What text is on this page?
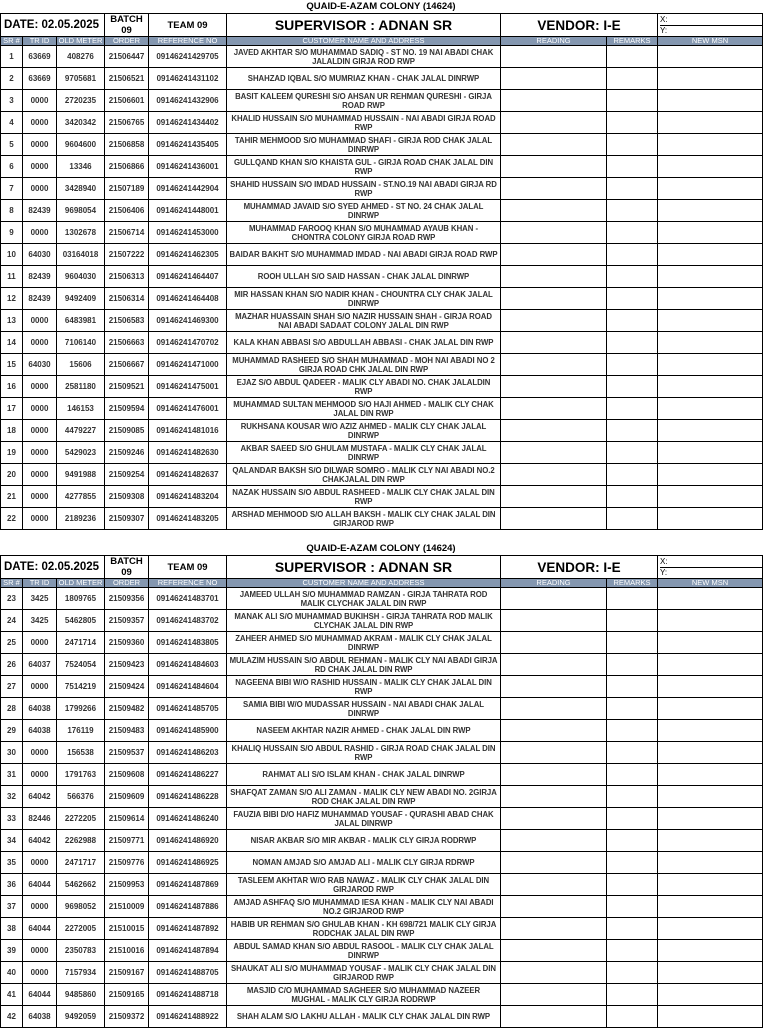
QUAID-E-AZAM COLONY (14624)
DATE: 02.05.2025			BATCH 09	TEAM 09	SUPERVISOR : ADNAN SR	VENDOR: I-E		X:
Y:

SR #	TR ID	OLD METER	ORDER	REFERENCE NO	CUSTOMER NAME AND ADDRESS	READING	REMARKS	NEW MSN
1	63669	408276	21506447	09146241429705	JAVED AKHTAR S/O MUHAMMAD SADIQ - ST NO. 19 NAI ABADI CHAK JALALDIN GIRJA ROD RWP			
2	63669	9705681	21506521	09146241431102	SHAHZAD IQBAL S/O MUMRIAZ KHAN - CHAK JALAL DINRWP			
3	0000	2720235	21506601	09146241432906	BASIT KALEEM QURESHI S/O AHSAN UR REHMAN QURESHI - GIRJA ROAD RWP			
4	0000	3420342	21506765	09146241434402	KHALID HUSSAIN S/O MUHAMMAD HUSSAIN - NAI ABADI GIRJA ROAD RWP			
5	0000	9604600	21506858	09146241435405	TAHIR MEHMOOD S/O MUHAMMAD SHAFI - GIRJA ROD CHAK JALAL DINRWP			
6	0000	13346	21506866	09146241436001	GULLQAND KHAN S/O KHAISTA GUL - GIRJA ROAD CHAK JALAL DIN RWP			
7	0000	3428940	21507189	09146241442904	SHAHID HUSSAIN S/O IMDAD HUSSAIN - ST.NO.19 NAI ABADI GIRJA RD RWP			
8	82439	9698054	21506406	09146241448001	MUHAMMAD JAVAID S/O SYED AHMED - ST NO. 24 CHAK JALAL DINRWP			
9	0000	1302678	21506714	09146241453000	MUHAMMAD FAROOQ KHAN S/O MUHAMMAD AYAUB KHAN - CHONTRA COLONY GIRJA ROAD RWP			
10	64030	03164018	21507222	09146241462305	BAIDAR BAKHT S/O MUHAMMAD IMDAD - NAI ABADI GIRJA ROAD RWP			
11	82439	9604030	21506313	09146241464407	ROOH ULLAH S/O SAID HASSAN - CHAK JALAL DINRWP			
12	82439	9492409	21506314	09146241464408	MIR HASSAN KHAN S/O NADIR KHAN - CHOUNTRA CLY CHAK JALAL DINRWP			
13	0000	6483981	21506583	09146241469300	MAZHAR HUASSAIN SHAH S/O NAZIR HUSSAIN SHAH - GIRJA ROAD NAI ABADI SADAAT COLONY JALAL DIN RWP			
14	0000	7106140	21506663	09146241470702	KALA KHAN ABBASI S/O ABDULLAH ABBASI - CHAK JALAL DIN RWP			
15	64030	15606	21506667	09146241471000	MUHAMMAD RASHEED S/O SHAH MUHAMMAD - MOH NAI ABADI NO 2 GIRJA ROAD CHK JALAL DIN RWP			
16	0000	2581180	21509521	09146241475001	EJAZ S/O ABDUL QADEER - MALIK CLY ABADI NO. CHAK JALALDIN RWP			
17	0000	146153	21509594	09146241476001	MUHAMMAD SULTAN MEHMOOD S/O HAJI AHMED - MALIK CLY CHAK JALAL DIN RWP			
18	0000	4479227	21509085	09146241481016	RUKHSANA KOUSAR W/O AZIZ AHMED - MALIK CLY CHAK JALAL DINRWP			
19	0000	5429023	21509246	09146241482630	AKBAR SAEED S/O GHULAM MUSTAFA - MALIK CLY CHAK JALAL DINRWP			
20	0000	9491988	21509254	09146241482637	QALANDAR BAKSH S/O DILWAR SOMRO - MALIK CLY NAI ABADI NO.2 CHAKJALAL DIN RWP			
21	0000	4277855	21509308	09146241483204	NAZAK HUSSAIN S/O ABDUL RASHEED - MALIK CLY CHAK JALAL DIN RWP			
22	0000	2189236	21509307	09146241483205	ARSHAD MEHMOOD S/O ALLAH BAKSH - MALIK CLY CHAK JALAL DIN GIRJAROD RWP			
QUAID-E-AZAM COLONY (14624)
DATE: 02.05.2025			BATCH 09	TEAM 09	SUPERVISOR : ADNAN SR	VENDOR: I-E		X:
Y:

SR #	TR ID	OLD METER	ORDER	REFERENCE NO	CUSTOMER NAME AND ADDRESS	READING	REMARKS	NEW MSN
23	3425	1809765	21509356	09146241483701	JAMEED ULLAH S/O MUHAMMAD RAMZAN - GIRJA TAHRATA ROD MALIK CLYCHAK JALAL DIN RWP			
24	3425	5462805	21509357	09146241483702	MANAK ALI S/O MUHAMMAD BUKIHSH - GIRJA TAHRATA ROD MALIK CLYCHAK JALAL DIN RWP			
25	0000	2471714	21509360	09146241483805	ZAHEER AHMED S/O MUHAMMAD AKRAM - MALIK CLY CHAK JALAL DINRWP			
26	64037	7524054	21509423	09146241484603	MULAZIM HUSSAIN S/O ABDUL REHMAN - MALIK CLY NAI ABADI GIRJA RD CHAK JALAL DIN RWP			
27	0000	7514219	21509424	09146241484604	NAGEENA BIBI W/O RASHID HUSSAIN - MALIK CLY CHAK JALAL DIN RWP			
28	64038	1799266	21509482	09146241485705	SAMIA BIBI W/O MUDASSAR HUSSAIN - NAI ABADI CHAK JALAL DINRWP			
29	64038	176119	21509483	09146241485900	NASEEM AKHTAR NAZIR AHMED - CHAK JALAL DIN RWP			
30	0000	156538	21509537	09146241486203	KHALIQ HUSSAIN S/O ABDUL RASHID - GIRJA ROAD CHAK JALAL DIN RWP			
31	0000	1791763	21509608	09146241486227	RAHMAT ALI S/O ISLAM KHAN - CHAK JALAL DINRWP			
32	64042	566376	21509609	09146241486228	SHAFQAT ZAMAN S/O ALI ZAMAN - MALIK CLY NEW ABADI NO. 2GIRJA ROD CHAK JALAL DIN RWP			
33	82446	2272205	21509614	09146241486240	FAUZIA BIBI D/O HAFIZ MUHAMMAD YOUSAF - QURASHI ABAD CHAK JALAL DINRWP			
34	64042	2262988	21509771	09146241486920	NISAR AKBAR S/O MIR AKBAR - MALIK CLY GIRJA RODRWP			
35	0000	2471717	21509776	09146241486925	NOMAN AMJAD S/O AMJAD ALI - MALIK CLY GIRJA RDRWP			
36	64044	5462662	21509953	09146241487869	TASLEEM AKHTAR W/O RAB NAWAZ - MALIK CLY CHAK JALAL DIN GIRJAROD RWP			
37	0000	9698052	21510009	09146241487886	AMJAD ASHFAQ S/O MUHAMMAD IESA KHAN - MALIK CLY NAI ABADI NO.2 GIRJAROD RWP			
38	64044	2272005	21510015	09146241487892	HABIB UR REHMAN S/O GHULAB KHAN - KH 698/721 MALIK CLY GIRJA RODCHAK JALAL DIN RWP			
39	0000	2350783	21510016	09146241487894	ABDUL SAMAD KHAN S/O ABDUL RASOOL - MALIK CLY CHAK JALAL DINRWP			
40	0000	7157934	21509167	09146241488705	SHAUKAT ALI S/O MUHAMMAD YOUSAF - MALIK CLY CHAK JALAL DIN GIRJAROD RWP			
41	64044	9485860	21509165	09146241488718	MASJID C/O MUHAMMAD SAGHEER S/O MUHAMMAD NAZEER MUGHAL - MALIK CLY GIRJA RODRWP			
42	64038	9492059	21509372	09146241488922	SHAH ALAM S/O LAKHU ALLAH - MALIK CLY CHAK JALAL DIN RWP			
